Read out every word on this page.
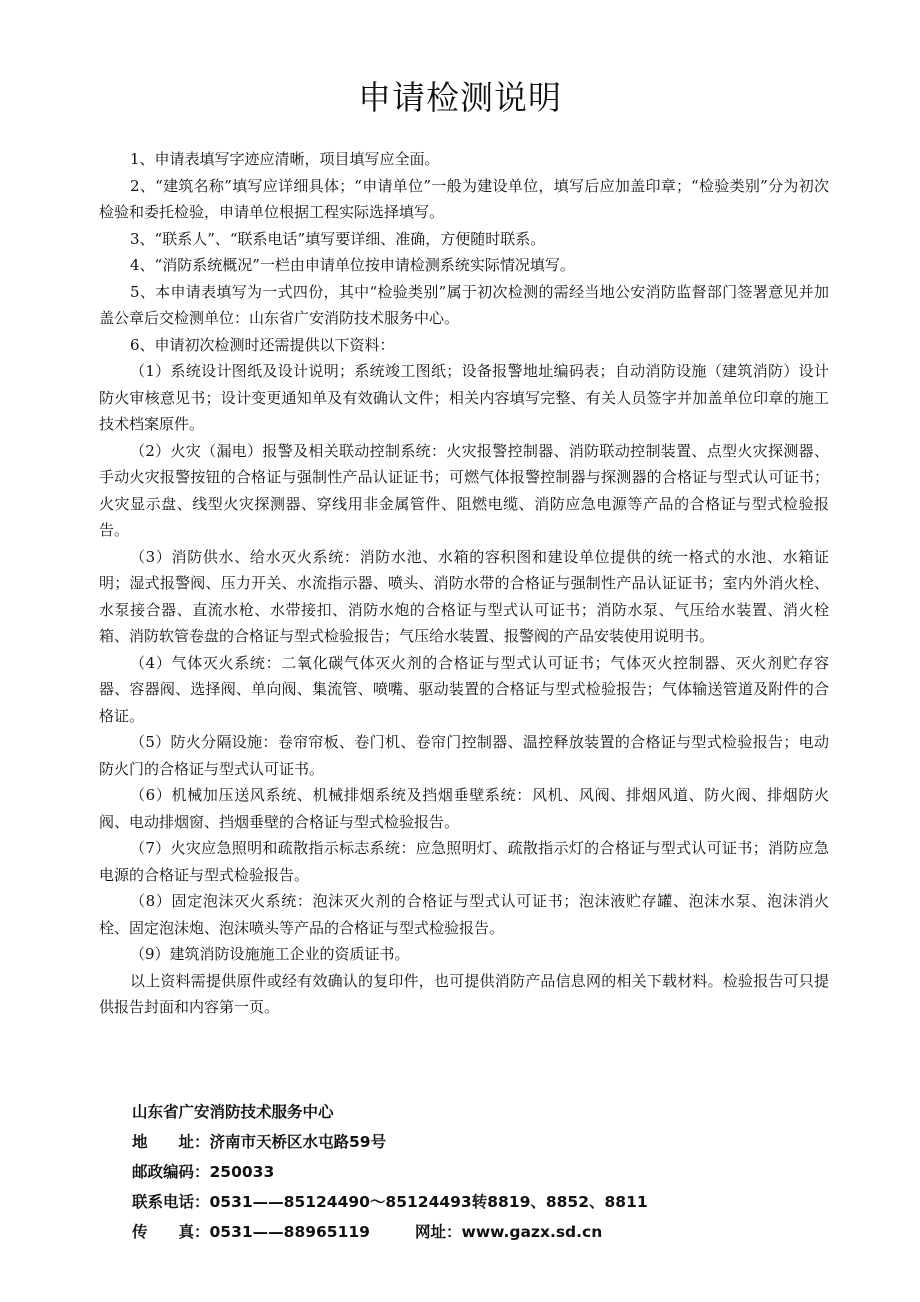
申请检测说明

1、申请表填写字迹应清晰，项目填写应全面。

2、“建筑名称”填写应详细具体；“申请单位”一般为建设单位，填写后应加盖印章；“检验类别”分为初次检验和委托检验，申请单位根据工程实际选择填写。

3、“联系人”、“联系电话”填写要详细、准确，方便随时联系。

4、“消防系统概况”一栏由申请单位按申请检测系统实际情况填写。

5、本申请表填写为一式四份，其中“检验类别”属于初次检测的需经当地公安消防监督部门签署意见并加盖公章后交检测单位：山东省广安消防技术服务中心。

6、申请初次检测时还需提供以下资料：

（1）系统设计图纸及设计说明；系统竣工图纸；设备报警地址编码表；自动消防设施（建筑消防）设计防火审核意见书；设计变更通知单及有效确认文件；相关内容填写完整、有关人员签字并加盖单位印章的施工技术档案原件。

（2）火灾（漏电）报警及相关联动控制系统：火灾报警控制器、消防联动控制装置、点型火灾探测器、手动火灾报警按钮的合格证与强制性产品认证证书；可燃气体报警控制器与探测器的合格证与型式认可证书；火灾显示盘、线型火灾探测器、穿线用非金属管件、阻燃电缆、消防应急电源等产品的合格证与型式检验报告。

（3）消防供水、给水灭火系统：消防水池、水箱的容积图和建设单位提供的统一格式的水池、水箱证明；湿式报警阀、压力开关、水流指示器、喷头、消防水带的合格证与强制性产品认证证书；室内外消火栓、水泵接合器、直流水枪、水带接扣、消防水炮的合格证与型式认可证书；消防水泵、气压给水装置、消火栓箱、消防软管卷盘的合格证与型式检验报告；气压给水装置、报警阀的产品安装使用说明书。

（4）气体灭火系统：二氧化碳气体灭火剂的合格证与型式认可证书；气体灭火控制器、灭火剂贮存容器、容器阀、选择阀、单向阀、集流管、喷嘴、驱动装置的合格证与型式检验报告；气体输送管道及附件的合格证。

（5）防火分隔设施：卷帘帘板、卷门机、卷帘门控制器、温控释放装置的合格证与型式检验报告；电动防火门的合格证与型式认可证书。

（6）机械加压送风系统、机械排烟系统及挡烟垂壁系统：风机、风阀、排烟风道、防火阀、排烟防火阀、电动排烟窗、挡烟垂壁的合格证与型式检验报告。

（7）火灾应急照明和疏散指示标志系统：应急照明灯、疏散指示灯的合格证与型式认可证书；消防应急电源的合格证与型式检验报告。

（8）固定泡沫灭火系统：泡沫灭火剂的合格证与型式认可证书；泡沫液贮存罐、泡沫水泵、泡沫消火栓、固定泡沫炮、泡沫喷头等产品的合格证与型式检验报告。

（9）建筑消防设施施工企业的资质证书。

以上资料需提供原件或经有效确认的复印件，也可提供消防产品信息网的相关下载材料。检验报告可只提供报告封面和内容第一页。

山东省广安消防技术服务中心
地　　址：济南市天桥区水屯路59号
邮政编码：250033
联系电话：0531——85124490～85124493转8819、8852、8811
传　　真：0531——88965119	网址：www.gazx.sd.cn
